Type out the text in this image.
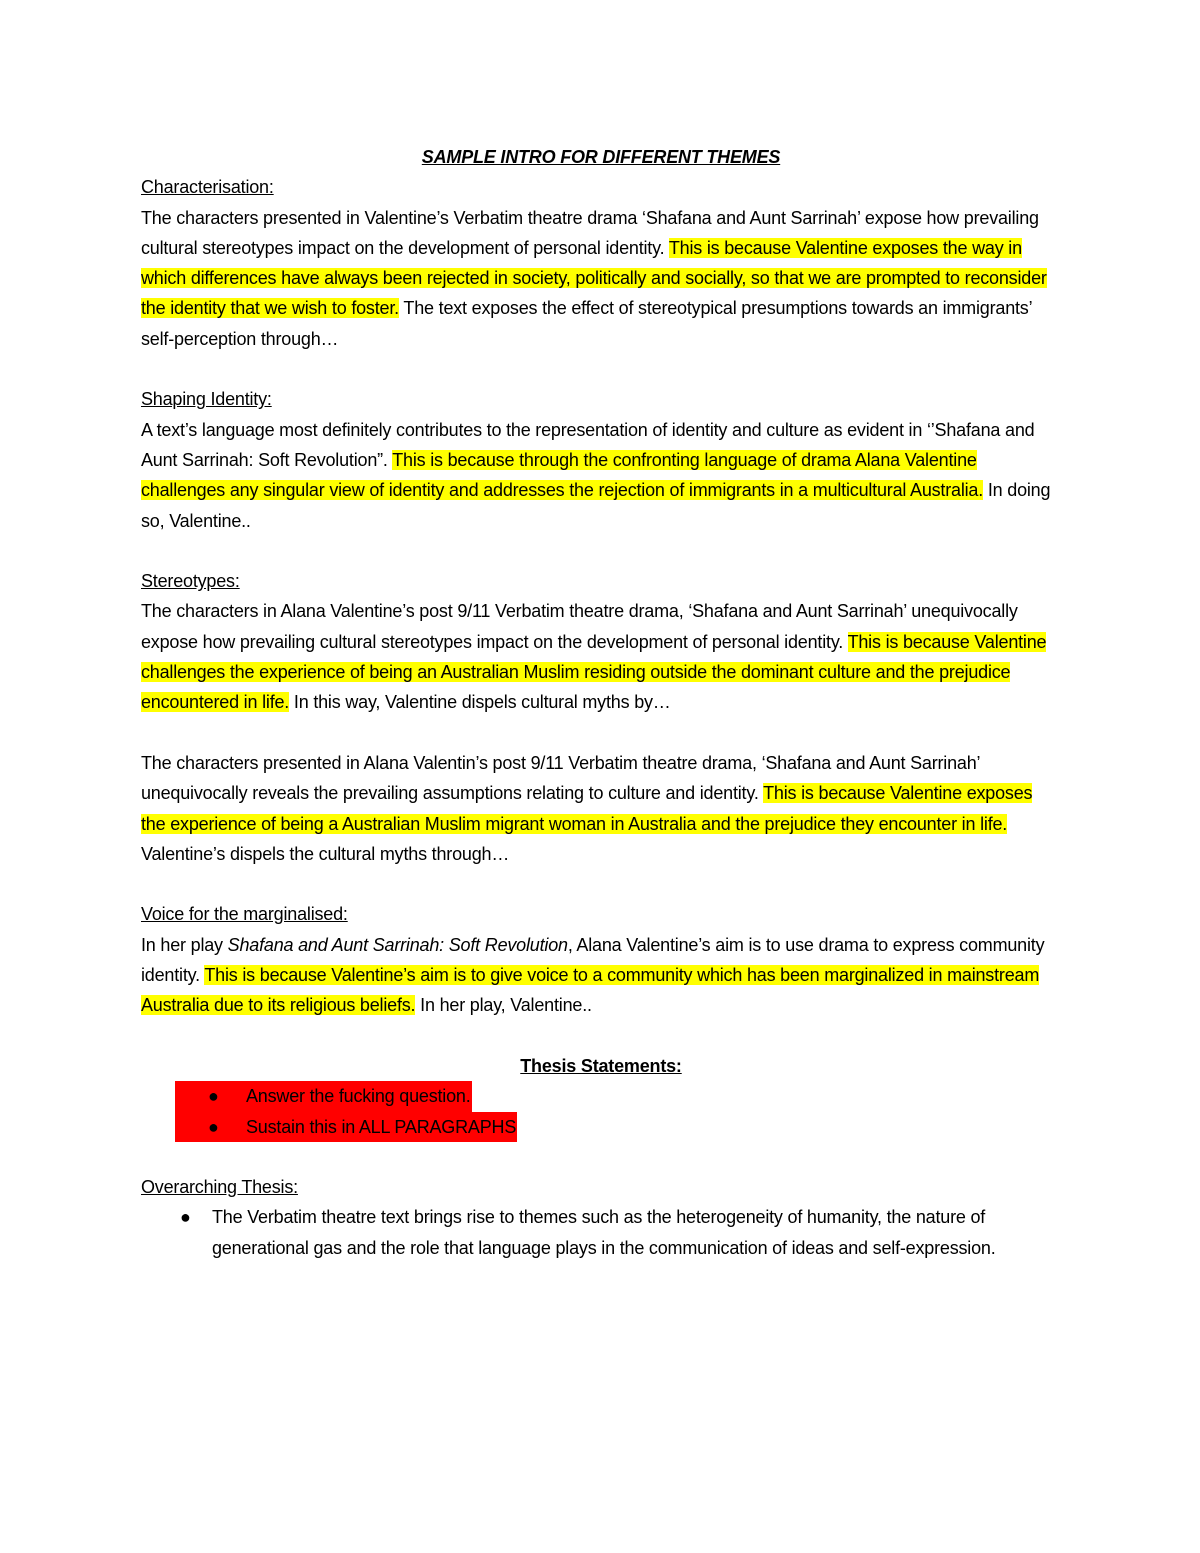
SAMPLE INTRO FOR DIFFERENT THEMES

Characterisation:

The characters presented in Valentine’s Verbatim theatre drama ‘Shafana and Aunt Sarrinah’ expose how prevailing cultural stereotypes impact on the development of personal identity. This is because Valentine exposes the way in which differences have always been rejected in society, politically and socially, so that we are prompted to reconsider the identity that we wish to foster. The text exposes the effect of stereotypical presumptions towards an immigrants’ self-perception through…

Shaping Identity:

A text’s language most definitely contributes to the representation of identity and culture as evident in ‘’Shafana and Aunt Sarrinah: Soft Revolution”. This is because through the confronting language of drama Alana Valentine challenges any singular view of identity and addresses the rejection of immigrants in a multicultural Australia. In doing so, Valentine..

Stereotypes:

The characters in Alana Valentine’s post 9/11 Verbatim theatre drama, ‘Shafana and Aunt Sarrinah’ unequivocally expose how prevailing cultural stereotypes impact on the development of personal identity. This is because Valentine challenges the experience of being an Australian Muslim residing outside the dominant culture and the prejudice encountered in life. In this way, Valentine dispels cultural myths by…

The characters presented in Alana Valentin’s post 9/11 Verbatim theatre drama, ‘Shafana and Aunt Sarrinah’ unequivocally reveals the prevailing assumptions relating to culture and identity. This is because Valentine exposes the experience of being a Australian Muslim migrant woman in Australia and the prejudice they encounter in life. Valentine’s dispels the cultural myths through…

Voice for the marginalised:

In her play Shafana and Aunt Sarrinah: Soft Revolution, Alana Valentine’s aim is to use drama to express community identity. This is because Valentine’s aim is to give voice to a community which has been marginalized in mainstream Australia due to its religious beliefs. In her play, Valentine..

Thesis Statements:

● Answer the fucking question.
● Sustain this in ALL PARAGRAPHS

Overarching Thesis:

● The Verbatim theatre text brings rise to themes such as the heterogeneity of humanity, the nature of generational gas and the role that language plays in the communication of ideas and self-expression.
